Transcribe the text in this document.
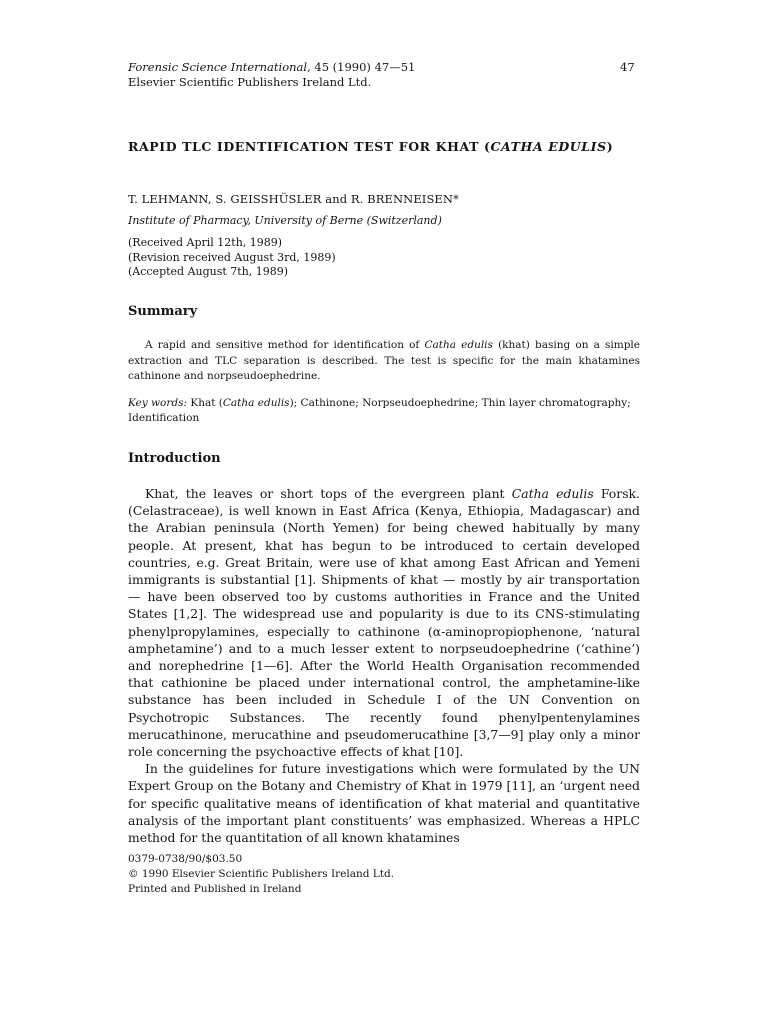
Forensic Science International, 45 (1990) 47—51
Elsevier Scientific Publishers Ireland Ltd.
47
RAPID TLC IDENTIFICATION TEST FOR KHAT (CATHA EDULIS)
T. LEHMANN, S. GEISSHÜSLER and R. BRENNEISEN*
Institute of Pharmacy, University of Berne (Switzerland)
(Received April 12th, 1989)
(Revision received August 3rd, 1989)
(Accepted August 7th, 1989)
Summary
A rapid and sensitive method for identification of Catha edulis (khat) basing on a simple extraction and TLC separation is described. The test is specific for the main khatamines cathinone and norpseudoephedrine.
Key words: Khat (Catha edulis); Cathinone; Norpseudoephedrine; Thin layer chromatography; Identification
Introduction

Khat, the leaves or short tops of the evergreen plant Catha edulis Forsk. (Celastraceae), is well known in East Africa (Kenya, Ethiopia, Madagascar) and the Arabian peninsula (North Yemen) for being chewed habitually by many people. At present, khat has begun to be introduced to certain developed countries, e.g. Great Britain, were use of khat among East African and Yemeni immigrants is substantial [1]. Shipments of khat — mostly by air transportation — have been observed too by customs authorities in France and the United States [1,2]. The widespread use and popularity is due to its CNS-stimulating phenylpropylamines, especially to cathinone (α-aminopropiophenone, ‘natural amphetamine’) and to a much lesser extent to norpseudoephedrine (‘cathine’) and norephedrine [1—6]. After the World Health Organisation recommended that cathionine be placed under international control, the amphetamine-like substance has been included in Schedule I of the UN Convention on Psychotropic Substances. The recently found phenylpentenylamines merucathinone, merucathine and pseudomerucathine [3,7—9] play only a minor role concerning the psychoactive effects of khat [10].

In the guidelines for future investigations which were formulated by the UN Expert Group on the Botany and Chemistry of Khat in 1979 [11], an ‘urgent need for specific qualitative means of identification of khat material and quantitative analysis of the important plant constituents’ was emphasized. Whereas a HPLC method for the quantitation of all known khatamines

0379-0738/90/$03.50
© 1990 Elsevier Scientific Publishers Ireland Ltd.
Printed and Published in Ireland
